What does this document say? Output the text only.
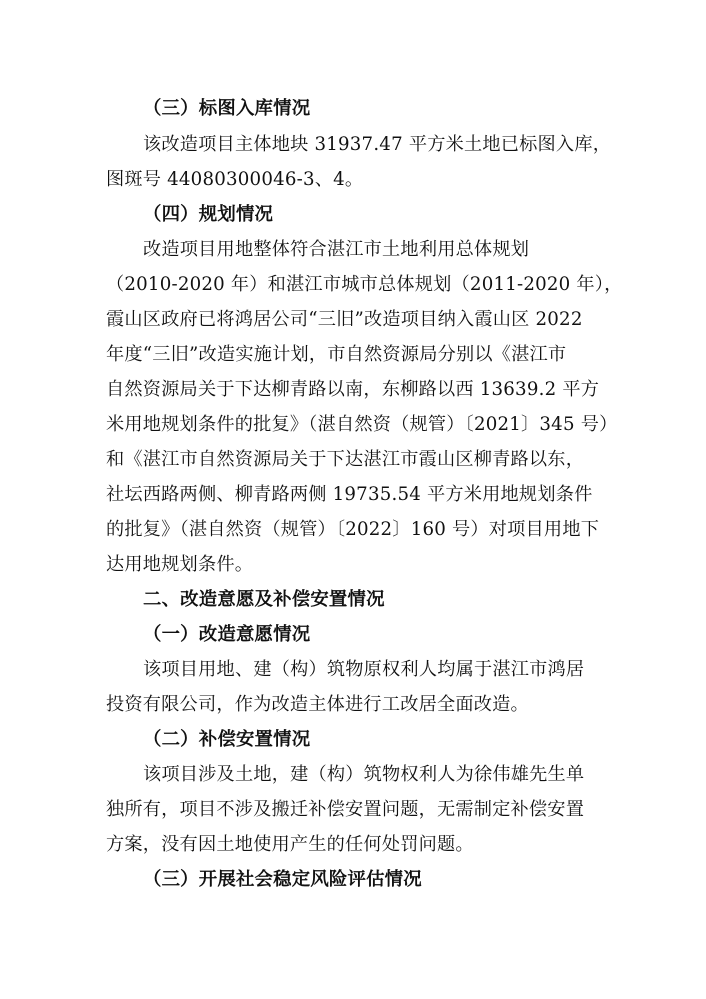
（三）标图入库情况
该改造项目主体地块 31937.47 平方米土地已标图入库，
图斑号 44080300046-3、4。
（四）规划情况
改造项目用地整体符合湛江市土地利用总体规划
（2010-2020 年）和湛江市城市总体规划（2011-2020 年），
霞山区政府已将鸿居公司“三旧”改造项目纳入霞山区 2022
年度“三旧”改造实施计划，市自然资源局分别以《湛江市
自然资源局关于下达柳青路以南，东柳路以西 13639.2 平方
米用地规划条件的批复》（湛自然资（规管）〔2021〕345 号）
和《湛江市自然资源局关于下达湛江市霞山区柳青路以东，
社坛西路两侧、柳青路两侧 19735.54 平方米用地规划条件
的批复》（湛自然资（规管）〔2022〕160 号）对项目用地下
达用地规划条件。
二、改造意愿及补偿安置情况
（一）改造意愿情况
该项目用地、建（构）筑物原权利人均属于湛江市鸿居
投资有限公司，作为改造主体进行工改居全面改造。
（二）补偿安置情况
该项目涉及土地，建（构）筑物权利人为徐伟雄先生单
独所有，项目不涉及搬迁补偿安置问题，无需制定补偿安置
方案，没有因土地使用产生的任何处罚问题。
（三）开展社会稳定风险评估情况
